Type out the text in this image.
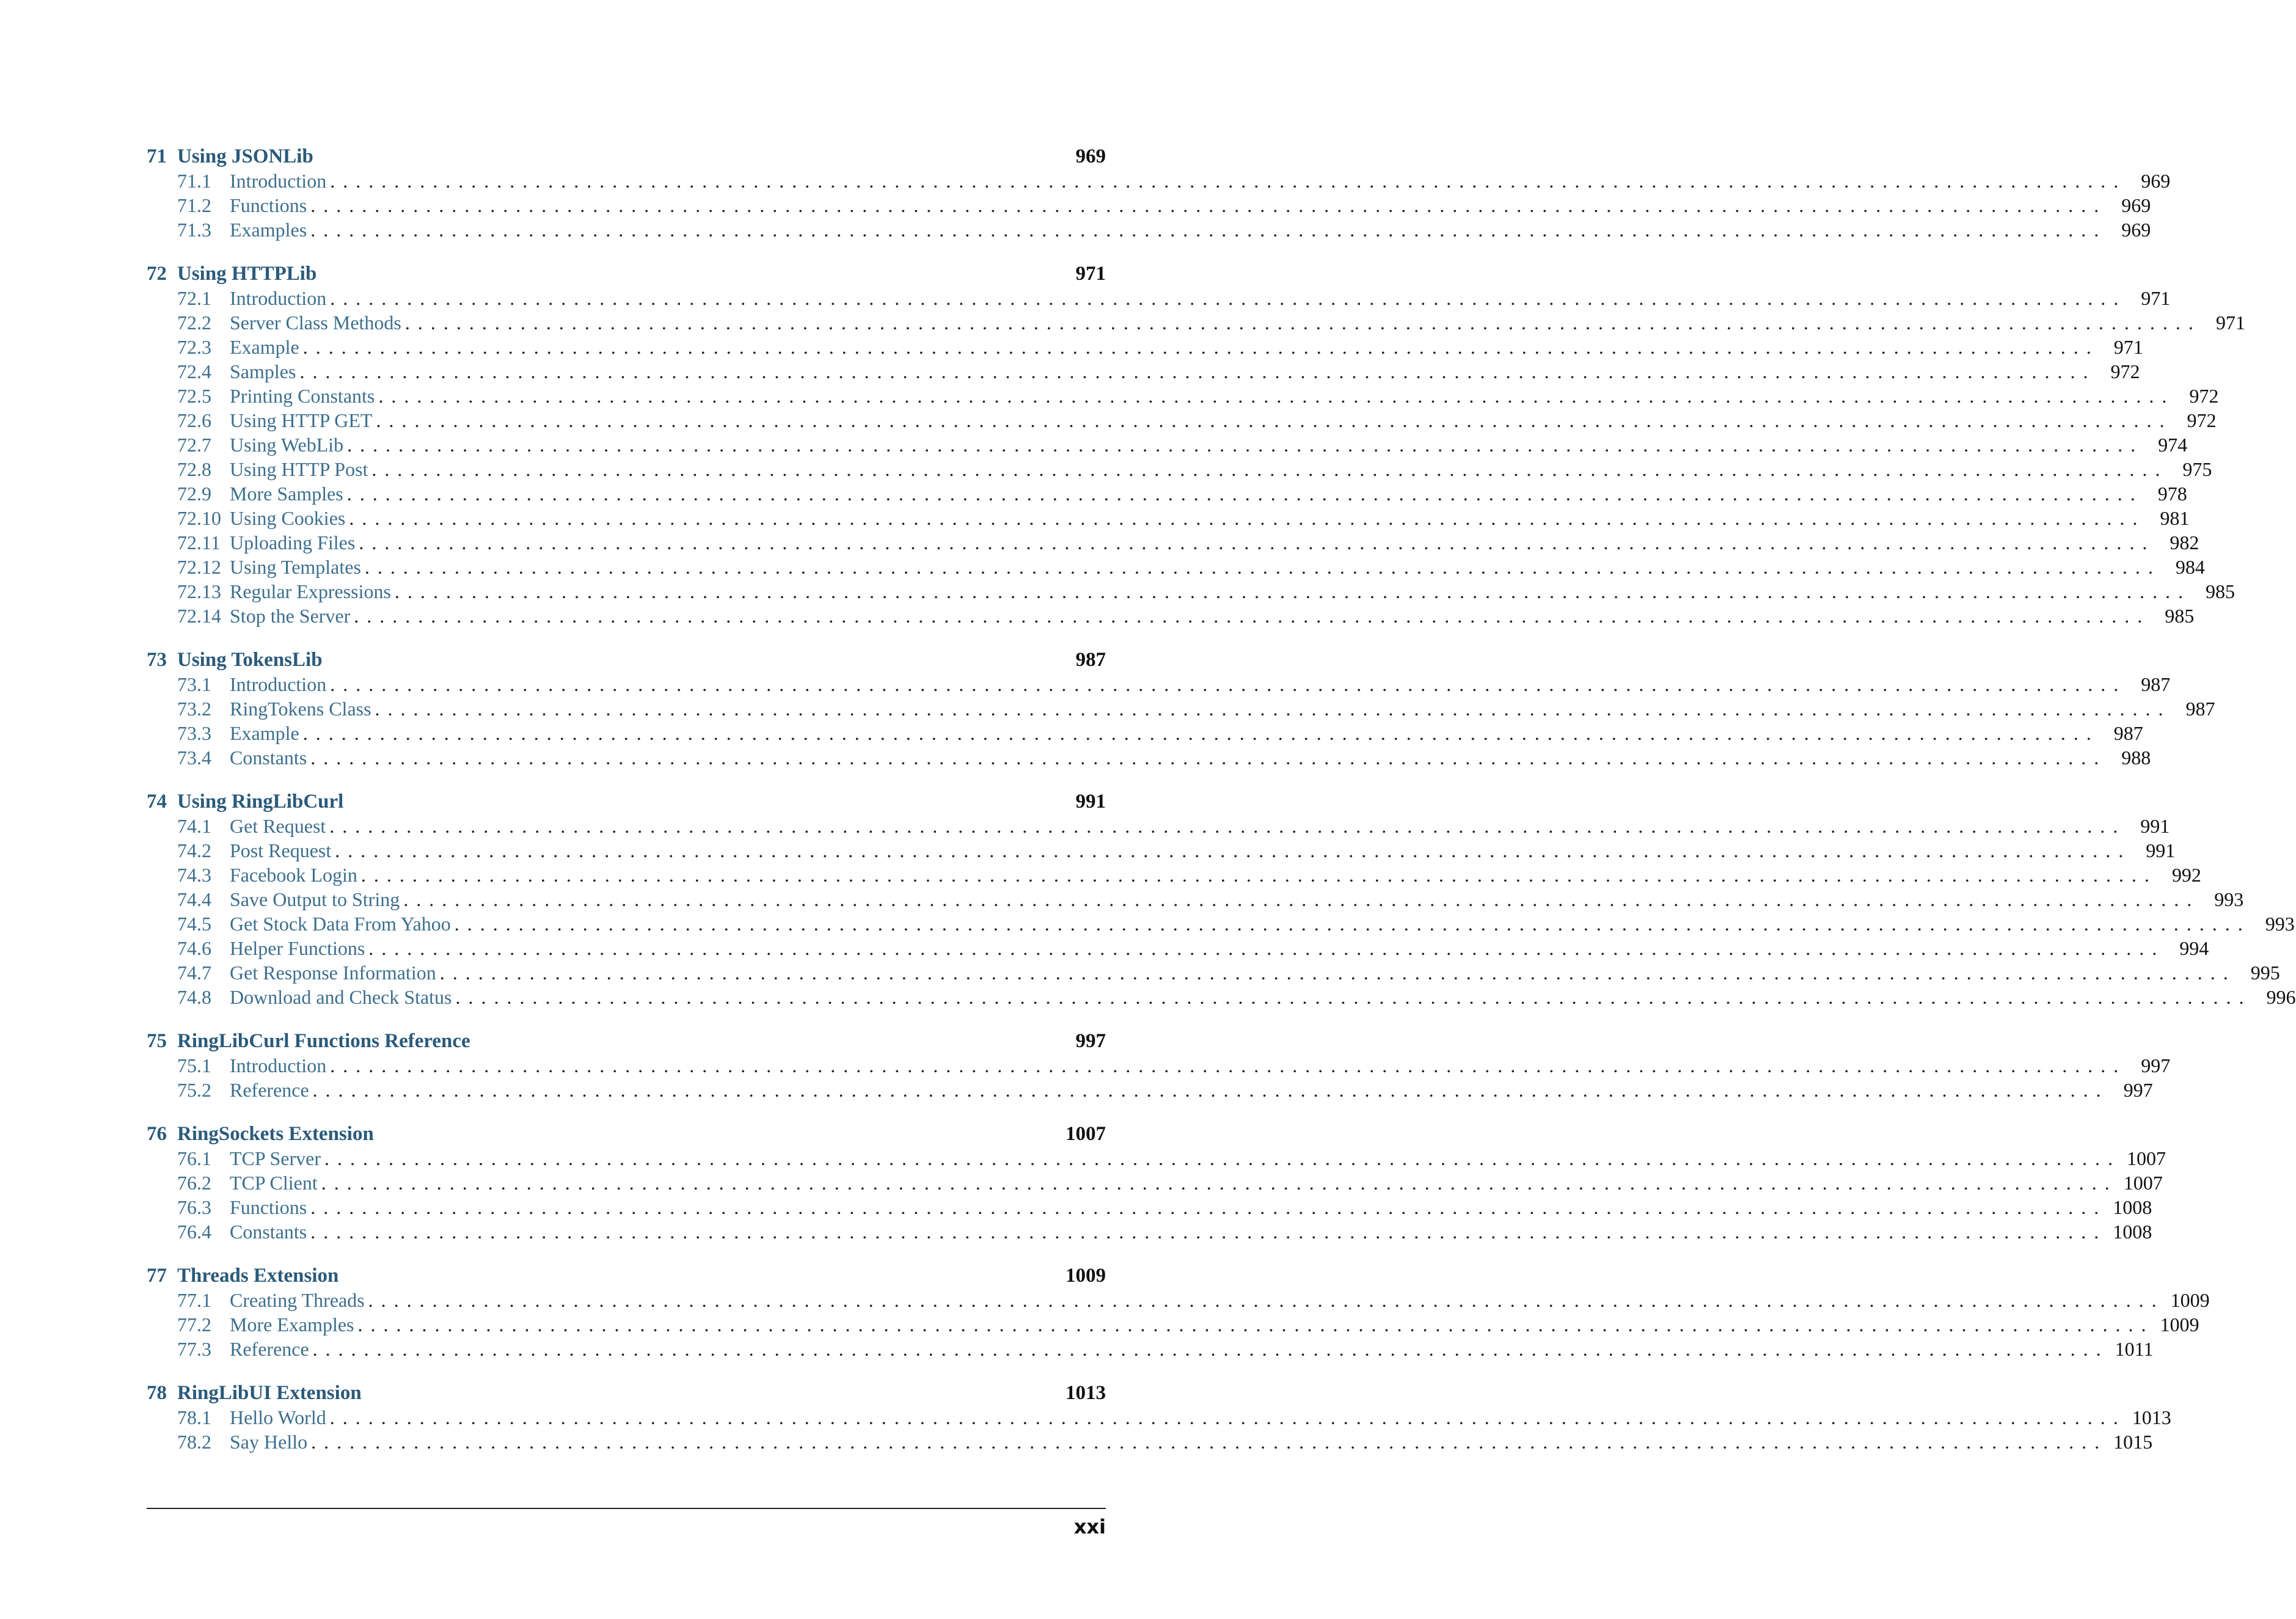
71 Using JSONLib	969
71.1 Introduction ............................................................................................................................................ 969
71.2 Functions ............................................................................................................................................ 969
71.3 Examples ............................................................................................................................................ 969
72 Using HTTPLib	971
72.1 Introduction ............................................................................................................................................ 971
72.2 Server Class Methods ............................................................................................................................................ 971
72.3 Example ............................................................................................................................................ 971
72.4 Samples ............................................................................................................................................ 972
72.5 Printing Constants ............................................................................................................................................ 972
72.6 Using HTTP GET ............................................................................................................................................ 972
72.7 Using WebLib ............................................................................................................................................ 974
72.8 Using HTTP Post ............................................................................................................................................ 975
72.9 More Samples ............................................................................................................................................ 978
72.10 Using Cookies ............................................................................................................................................ 981
72.11 Uploading Files ............................................................................................................................................ 982
72.12 Using Templates ............................................................................................................................................ 984
72.13 Regular Expressions ............................................................................................................................................ 985
72.14 Stop the Server ............................................................................................................................................ 985
73 Using TokensLib	987
73.1 Introduction ............................................................................................................................................ 987
73.2 RingTokens Class ............................................................................................................................................ 987
73.3 Example ............................................................................................................................................ 987
73.4 Constants ............................................................................................................................................ 988
74 Using RingLibCurl	991
74.1 Get Request ............................................................................................................................................ 991
74.2 Post Request ............................................................................................................................................ 991
74.3 Facebook Login ............................................................................................................................................ 992
74.4 Save Output to String ............................................................................................................................................ 993
74.5 Get Stock Data From Yahoo ............................................................................................................................................ 993
74.6 Helper Functions ............................................................................................................................................ 994
74.7 Get Response Information ............................................................................................................................................ 995
74.8 Download and Check Status ............................................................................................................................................ 996
75 RingLibCurl Functions Reference	997
75.1 Introduction ............................................................................................................................................ 997
75.2 Reference ............................................................................................................................................ 997
76 RingSockets Extension	1007
76.1 TCP Server ............................................................................................................................................ 1007
76.2 TCP Client ............................................................................................................................................ 1007
76.3 Functions ............................................................................................................................................ 1008
76.4 Constants ............................................................................................................................................ 1008
77 Threads Extension	1009
77.1 Creating Threads ............................................................................................................................................ 1009
77.2 More Examples ............................................................................................................................................ 1009
77.3 Reference ............................................................................................................................................ 1011
78 RingLibUI Extension	1013
78.1 Hello World ............................................................................................................................................ 1013
78.2 Say Hello ............................................................................................................................................ 1015
xxi
